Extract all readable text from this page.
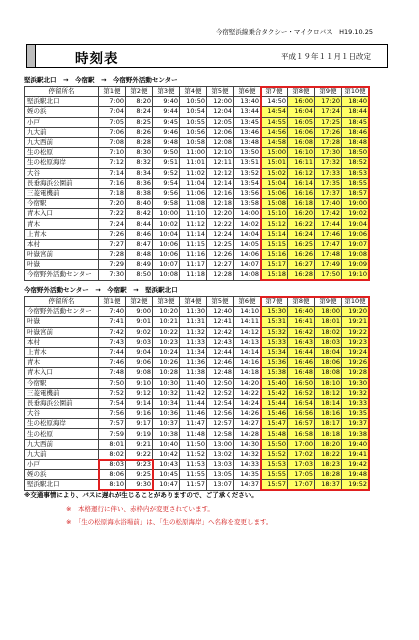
今宿堅浜線乗合タクシー・マイクロバス　H19.10.25
時刻表	平成１９年１１月１日改定
堅浜駅北口　→　今宿駅　→　今宿野外活動センター
停留所名	第1便	第2便	第3便	第4便	第5便	第6便	第7便	第8便	第9便	第10便
堅浜駅北口	7:00	8:20	9:40	10:50	12:00	13:40	14:50	16:00	17:20	18:40
姪の浜	7:04	8:24	9:44	10:54	12:04	13:44	14:54	16:04	17:24	18:44
小戸	7:05	8:25	9:45	10:55	12:05	13:45	14:55	16:05	17:25	18:45
九大前	7:06	8:26	9:46	10:56	12:06	13:46	14:56	16:06	17:26	18:46
九大西前	7:08	8:28	9:48	10:58	12:08	13:48	14:58	16:08	17:28	18:48
生の松原	7:10	8:30	9:50	11:00	12:10	13:50	15:00	16:10	17:30	18:50
生の松原海岸	7:12	8:32	9:51	11:01	12:11	13:51	15:01	16:11	17:32	18:52
大谷	7:14	8:34	9:52	11:02	12:12	13:52	15:02	16:12	17:33	18:53
長垂海浜公園前	7:16	8:36	9:54	11:04	12:14	13:54	15:04	16:14	17:35	18:55
三菱電機前	7:18	8:38	9:56	11:06	12:16	13:56	15:06	16:16	17:37	18:57
今宿駅	7:20	8:40	9:58	11:08	12:18	13:58	15:08	16:18	17:40	19:00
青木入口	7:22	8:42	10:00	11:10	12:20	14:00	15:10	16:20	17:42	19:02
青木	7:24	8:44	10:02	11:12	12:22	14:02	15:12	16:22	17:44	19:04
上青木	7:26	8:46	10:04	11:14	12:24	14:04	15:14	16:24	17:46	19:06
本村	7:27	8:47	10:06	11:15	12:25	14:05	15:15	16:25	17:47	19:07
叶嶽宮前	7:28	8:48	10:06	11:16	12:26	14:06	15:16	16:26	17:48	19:08
叶嶽	7:29	8:49	10:07	11:17	12:27	14:07	15:17	16:27	17:49	19:09
今宿野外活動センター	7:30	8:50	10:08	11:18	12:28	14:08	15:18	16:28	17:50	19:10
今宿野外活動センター　→　今宿駅　→　堅浜駅北口
停留所名	第1便	第2便	第3便	第4便	第5便	第6便	第7便	第8便	第9便	第10便
今宿野外活動センター	7:40	9:00	10:20	11:30	12:40	14:10	15:30	16:40	18:00	19:20
叶嶽	7:41	9:01	10:21	11:31	12:41	14:11	15:31	16:41	18:01	19:21
叶嶽宮前	7:42	9:02	10:22	11:32	12:42	14:12	15:32	16:42	18:02	19:22
本村	7:43	9:03	10:23	11:33	12:43	14:13	15:33	16:43	18:03	19:23
上青木	7:44	9:04	10:24	11:34	12:44	14:14	15:34	16:44	18:04	19:24
青木	7:46	9:06	10:26	11:36	12:46	14:16	15:36	16:46	18:06	19:26
青木入口	7:48	9:08	10:28	11:38	12:48	14:18	15:38	16:48	18:08	19:28
今宿駅	7:50	9:10	10:30	11:40	12:50	14:20	15:40	16:50	18:10	19:30
三菱電機前	7:52	9:12	10:32	11:42	12:52	14:22	15:42	16:52	18:12	19:32
長垂海浜公園前	7:54	9:14	10:34	11:44	12:54	14:24	15:44	16:54	18:14	19:33
大谷	7:56	9:16	10:36	11:46	12:56	14:26	15:46	16:56	18:16	19:35
生の松原海岸	7:57	9:17	10:37	11:47	12:57	14:27	15:47	16:57	18:17	19:37
生の松原	7:59	9:19	10:38	11:48	12:58	14:28	15:48	16:58	18:18	19:38
九大西前	8:01	9:21	10:40	11:50	13:00	14:30	15:50	17:00	18:20	19:40
九大前	8:02	9:22	10:42	11:52	13:02	14:32	15:52	17:02	18:22	19:41
小戸	8:03	9:23	10:43	11:53	13:03	14:33	15:53	17:03	18:23	19:42
姪の浜	8:06	9:25	10:45	11:55	13:05	14:35	15:55	17:05	18:28	19:48
堅浜駅北口	8:10	9:30	10:47	11:57	13:07	14:37	15:57	17:07	18:37	19:52
※交通事情により、バスに遅れが生じることがありますので、ご了承ください。
※　本格運行に伴い、赤枠内が変更されています。
※　「生の松原海水浴場前」は、「生の松原海岸」へ名称を変更します。
